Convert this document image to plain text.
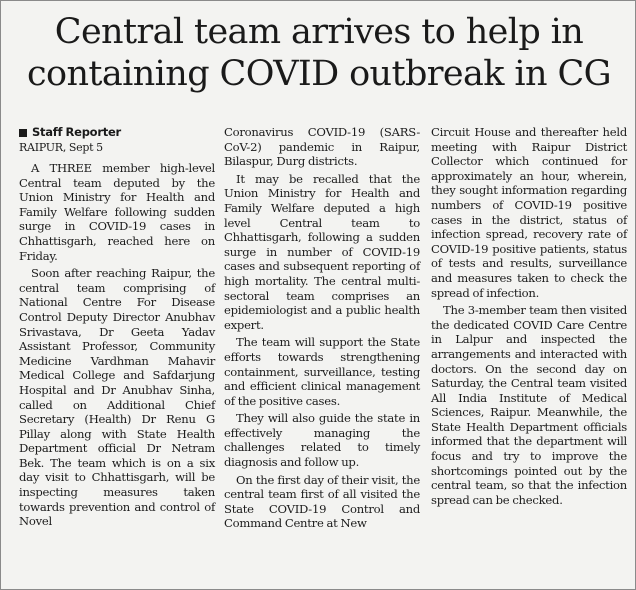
Central team arrives to help in containing COVID outbreak in CG
Staff Reporter
RAIPUR, Sept 5

A THREE member high-level Central team deputed by the Union Ministry for Health and Family Welfare following sudden surge in COVID-19 cases in Chhattisgarh, reached here on Friday.

Soon after reaching Raipur, the central team comprising of National Centre For Disease Control Deputy Director Anubhav Srivastava, Dr Geeta Yadav Assistant Professor, Community Medicine Vardhman Mahavir Medical College and Safdarjung Hospital and Dr Anubhav Sinha, called on Additional Chief Secretary (Health) Dr Renu G Pillay along with State Health Department official Dr Netram Bek. The team which is on a six day visit to Chhattisgarh, will be inspecting measures taken towards prevention and control of Novel

Coronavirus COVID-19 (SARS-CoV-2) pandemic in Raipur, Bilaspur, Durg districts.

It may be recalled that the Union Ministry for Health and Family Welfare deputed a high level Central team to Chhattisgarh, following a sudden surge in number of COVID-19 cases and subsequent reporting of high mortality. The central multi-sectoral team comprises an epidemiologist and a public health expert.

The team will support the State efforts towards strengthening containment, surveillance, testing and efficient clinical management of the positive cases.

They will also guide the state in effectively managing the challenges related to timely diagnosis and follow up.

On the first day of their visit, the central team first of all visited the State COVID-19 Control and Command Centre at New

Circuit House and thereafter held meeting with Raipur District Collector which continued for approximately an hour, wherein, they sought information regarding numbers of COVID-19 positive cases in the district, status of infection spread, recovery rate of COVID-19 positive patients, status of tests and results, surveillance and measures taken to check the spread of infection.

The 3-member team then visited the dedicated COVID Care Centre in Lalpur and inspected the arrangements and interacted with doctors. On the second day on Saturday, the Central team visited All India Institute of Medical Sciences, Raipur. Meanwhile, the State Health Department officials informed that the department will focus and try to improve the shortcomings pointed out by the central team, so that the infection spread can be checked.
